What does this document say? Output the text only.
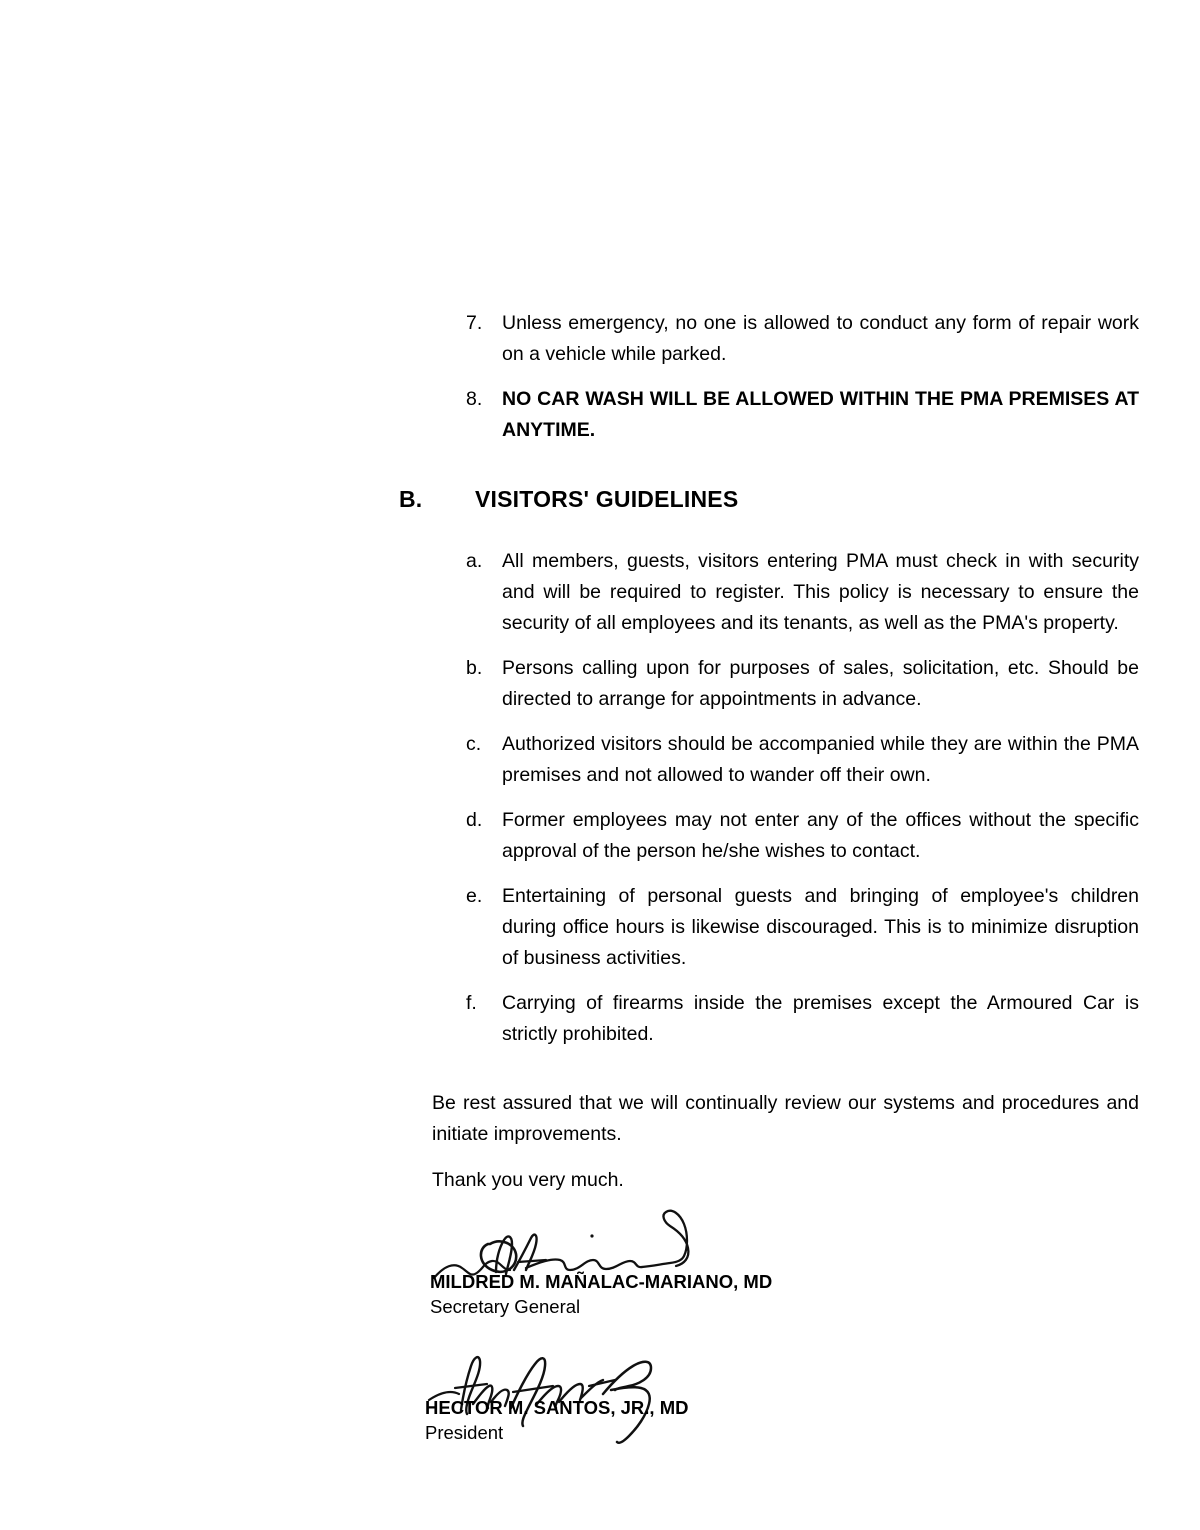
7.	Unless emergency, no one is allowed to conduct any form of repair work on a vehicle while parked.
8.	NO CAR WASH WILL BE ALLOWED WITHIN THE PMA PREMISES AT ANYTIME.
B.	VISITORS' GUIDELINES
a.	All members, guests, visitors entering PMA must check in with security and will be required to register. This policy is necessary to ensure the security of all employees and its tenants, as well as the PMA's property.
b.	Persons calling upon for purposes of sales, solicitation, etc. Should be directed to arrange for appointments in advance.
c.	Authorized visitors should be accompanied while they are within the PMA premises and not allowed to wander off their own.
d.	Former employees may not enter any of the offices without the specific approval of the person he/she wishes to contact.
e.	Entertaining of personal guests and bringing of employee's children during office hours is likewise discouraged. This is to minimize disruption of business activities.
f.	Carrying of firearms inside the premises except the Armoured Car is strictly prohibited.
Be rest assured that we will continually review our systems and procedures and initiate improvements.
Thank you very much.
MILDRED M. MAÑALAC-MARIANO, MD
Secretary General
HECTOR M. SANTOS, JR., MD
President
